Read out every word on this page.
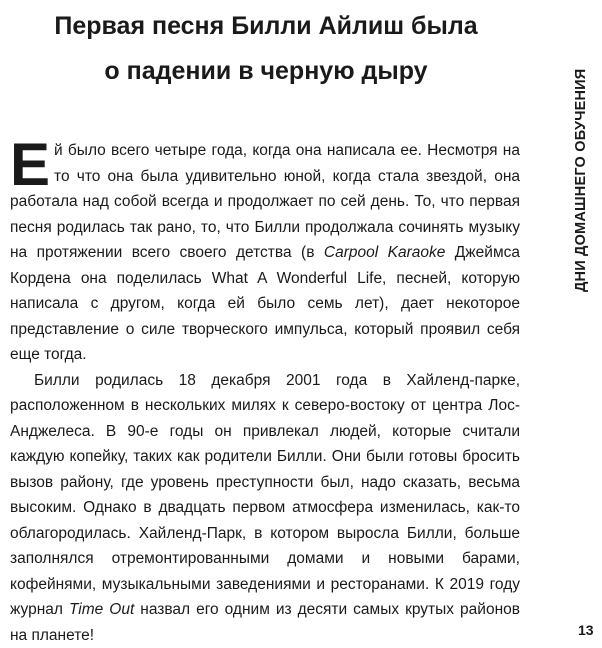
Первая песня Билли Айлиш была
о падении в черную дыру

Ей было всего четыре года, когда она написала ее. Несмотря на то что она была удивительно юной, когда стала звездой, она работала над собой всегда и продолжает по сей день. То, что первая песня родилась так рано, то, что Билли продолжала сочинять музыку на протяжении всего своего детства (в Carpool Karaoke Джеймса Кордена она поделилась What A Wonderful Life, песней, которую написала с другом, когда ей было семь лет), дает некоторое представление о силе творческого импульса, который проявил себя еще тогда.

Билли родилась 18 декабря 2001 года в Хайленд-парке, расположенном в нескольких милях к северо-востоку от центра Лос-Анджелеса. В 90-е годы он привлекал людей, которые считали каждую копейку, таких как родители Билли. Они были готовы бросить вызов району, где уровень преступности был, надо сказать, весьма высоким. Однако в двадцать первом атмосфера изменилась, как-то облагородилась. Хайленд-Парк, в котором выросла Билли, больше заполнялся отремонтированными домами и новыми барами, кофейнями, музыкальными заведениями и ресторанами. К 2019 году журнал Time Out назвал его одним из десяти самых крутых районов на планете!

ДНИ ДОМАШНЕГО ОБУЧЕНИЯ
13
